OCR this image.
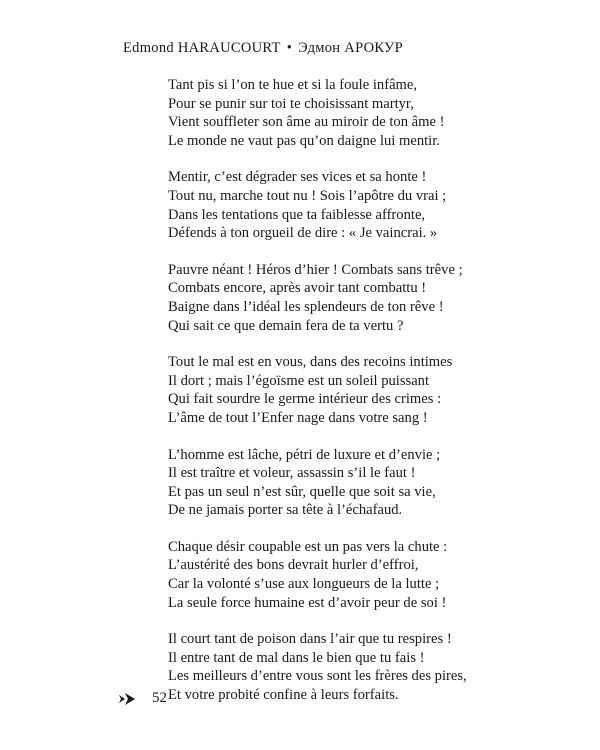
Edmond HARAUCOURT • Эдмон АРОКУР
Tant pis si l’on te hue et si la foule infâme,
Pour se punir sur toi te choisissant martyr,
Vient souffleter son âme au miroir de ton âme !
Le monde ne vaut pas qu’on daigne lui mentir.
Mentir, c’est dégrader ses vices et sa honte !
Tout nu, marche tout nu ! Sois l’apôtre du vrai ;
Dans les tentations que ta faiblesse affronte,
Défends à ton orgueil de dire : « Je vaincrai. »
Pauvre néant ! Héros d’hier ! Combats sans trêve ;
Combats encore, après avoir tant combattu !
Baigne dans l’idéal les splendeurs de ton rêve !
Qui sait ce que demain fera de ta vertu ?
Tout le mal est en vous, dans des recoins intimes
Il dort ; mais l’égoïsme est un soleil puissant
Qui fait sourdre le germe intérieur des crimes :
L’âme de tout l’Enfer nage dans votre sang !
L’homme est lâche, pétri de luxure et d’envie ;
Il est traître et voleur, assassin s’il le faut !
Et pas un seul n’est sûr, quelle que soit sa vie,
De ne jamais porter sa tête à l’échafaud.
Chaque désir coupable est un pas vers la chute :
L’austérité des bons devrait hurler d’effroi,
Car la volonté s’use aux longueurs de la lutte ;
La seule force humaine est d’avoir peur de soi !
Il court tant de poison dans l’air que tu respires !
Il entre tant de mal dans le bien que tu fais !
Les meilleurs d’entre vous sont les frères des pires,
Et votre probité confine à leurs forfaits.
52
